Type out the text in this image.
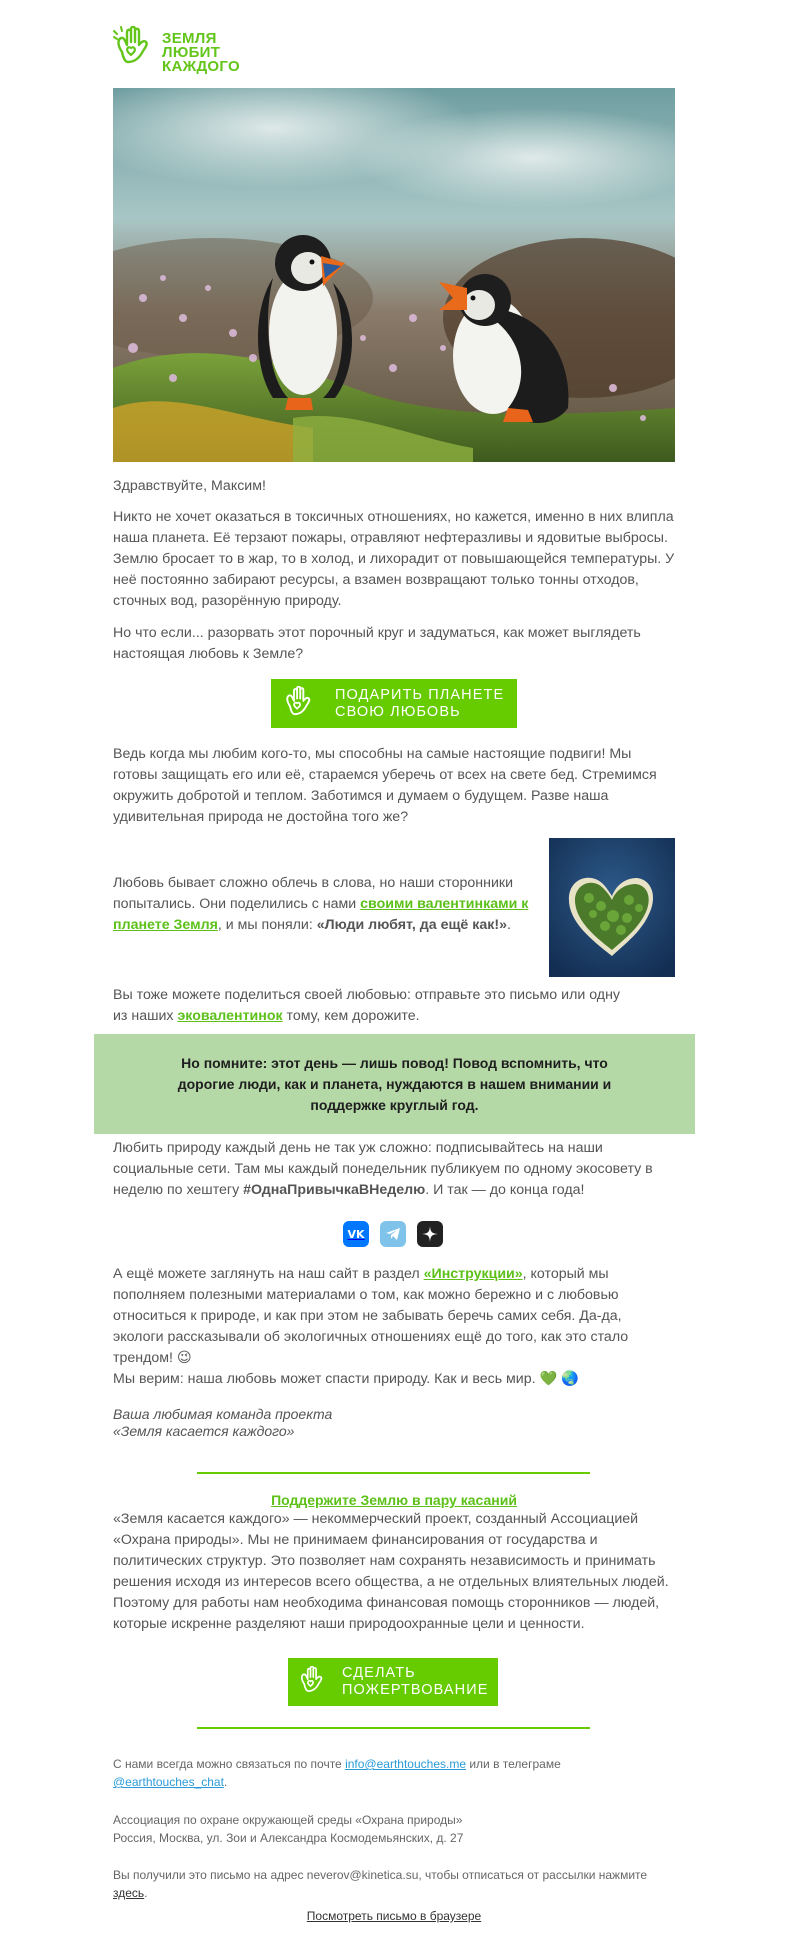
ЗЕМЛЯ
ЛЮБИТ
КАЖДОГО

Здравствуйте, Максим!

Никто не хочет оказаться в токсичных отношениях, но кажется, именно в них влипла наша планета. Её терзают пожары, отравляют нефтеразливы и ядовитые выбросы. Землю бросает то в жар, то в холод, и лихорадит от повышающейся температуры. У неё постоянно забирают ресурсы, а взамен возвращают только тонны отходов, сточных вод, разорённую природу.

Но что если... разорвать этот порочный круг и задуматься, как может выглядеть настоящая любовь к Земле?

ПОДАРИТЬ ПЛАНЕТЕ
СВОЮ ЛЮБОВЬ

Ведь когда мы любим кого-то, мы способны на самые настоящие подвиги! Мы готовы защищать его или её, стараемся уберечь от всех на свете бед. Стремимся окружить добротой и теплом. Заботимся и думаем о будущем. Разве наша удивительная природа не достойна того же?

Любовь бывает сложно облечь в слова, но наши сторонники попытались. Они поделились с нами своими валентинками к планете Земля, и мы поняли: «Люди любят, да ещё как!».

Вы тоже можете поделиться своей любовью: отправьте это письмо или одну из наших эковалентинок тому, кем дорожите.

Но помните: этот день — лишь повод! Повод вспомнить, что дорогие люди, как и планета, нуждаются в нашем внимании и поддержке круглый год.

Любить природу каждый день не так уж сложно: подписывайтесь на наши социальные сети. Там мы каждый понедельник публикуем по одному экосовету в неделю по хештегу #ОднаПривычкаВНеделю. И так — до конца года!

VK

А ещё можете заглянуть на наш сайт в раздел «Инструкции», который мы пополняем полезными материалами о том, как можно бережно и с любовью относиться к природе, и как при этом не забывать беречь самих себя. Да-да, экологи рассказывали об экологичных отношениях ещё до того, как это стало трендом! 😉

Мы верим: наша любовь может спасти природу. Как и весь мир. 💚 🌏

Ваша любимая команда проекта

«Земля касается каждого»

Поддержите Землю в пару касаний

«Земля касается каждого» — некоммерческий проект, созданный Ассоциацией «Охрана природы». Мы не принимаем финансирования от государства и политических структур. Это позволяет нам сохранять независимость и принимать решения исходя из интересов всего общества, а не отдельных влиятельных людей. Поэтому для работы нам необходима финансовая помощь сторонников — людей, которые искренне разделяют наши природоохранные цели и ценности.

СДЕЛАТЬ
ПОЖЕРТВОВАНИЕ

С нами всегда можно связаться по почте info@earthtouches.me или в телеграме
@earthtouches_chat.

Ассоциация по охране окружающей среды «Охрана природы»

Россия, Москва, ул. Зои и Александра Космодемьянских, д. 27

Вы получили это письмо на адрес neverov@kinetica.su, чтобы отписаться от рассылки нажмите
здесь.

Посмотреть письмо в браузере
